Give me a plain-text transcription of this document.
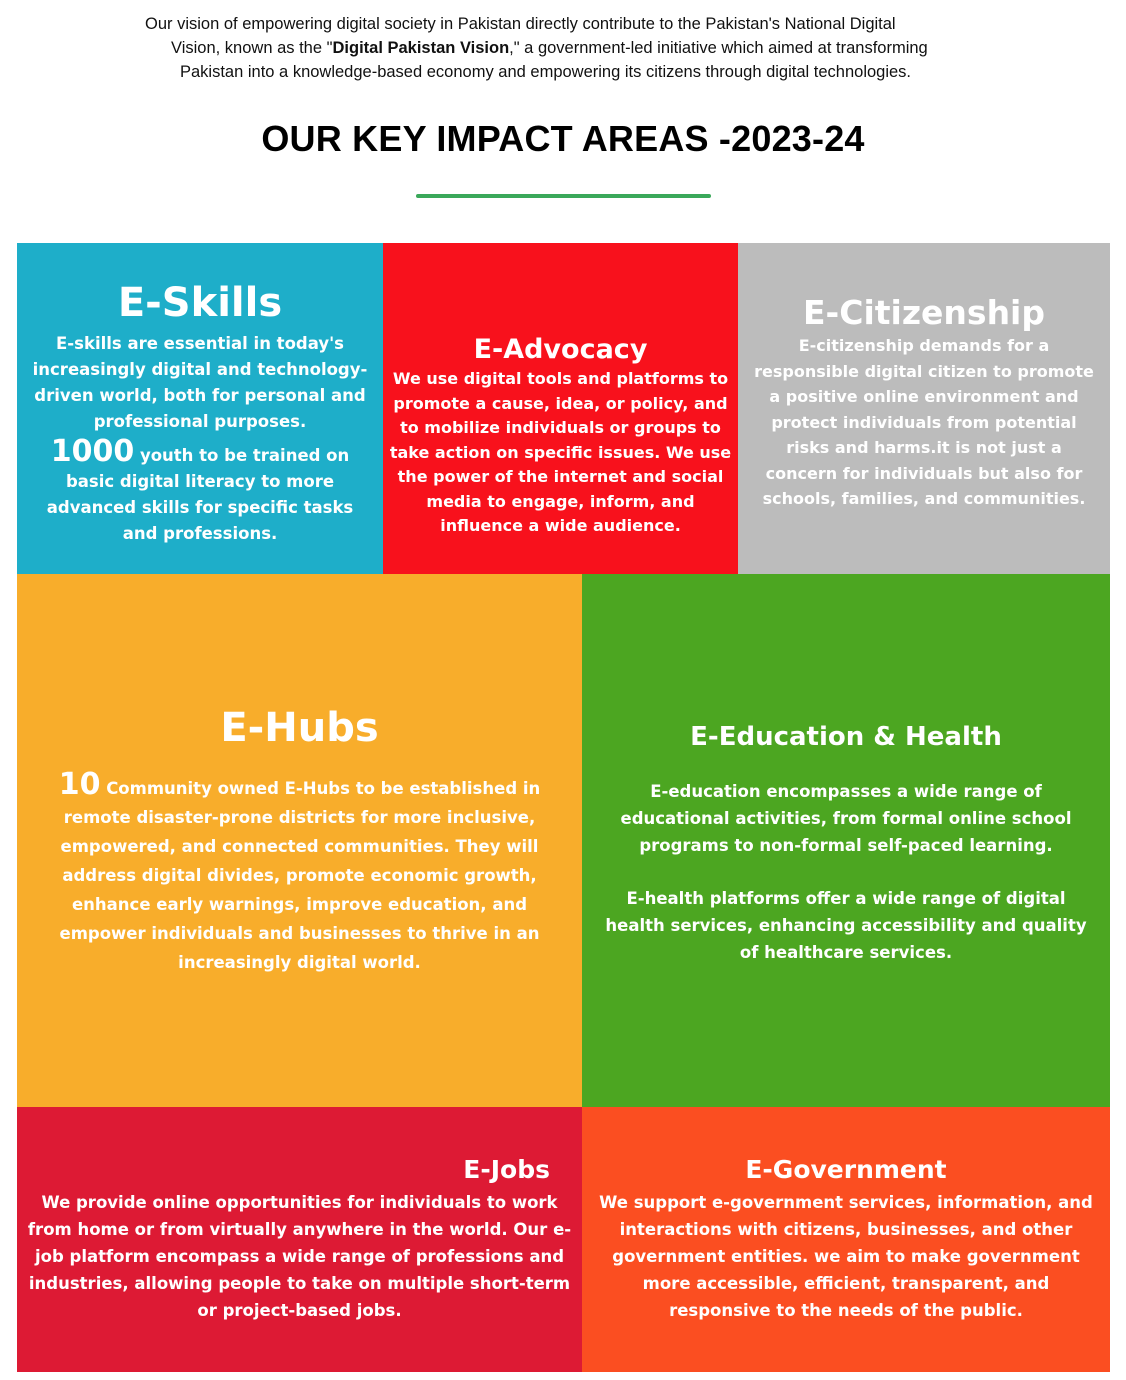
Our vision of empowering digital society in Pakistan directly contribute to the Pakistan's National Digital
Vision, known as the "Digital Pakistan Vision," a government-led initiative which aimed at transforming
Pakistan into a knowledge-based economy and empowering its citizens through digital technologies.
OUR KEY IMPACT AREAS -2023-24

E-Skills

E-skills are essential in today's increasingly digital and technology-driven world, both for personal and professional purposes.

1000 youth to be trained on basic digital literacy to more advanced skills for specific tasks and professions.

E-Advocacy

We use digital tools and platforms to promote a cause, idea, or policy, and to mobilize individuals or groups to take action on specific issues. We use the power of the internet and social media to engage, inform, and influence a wide audience.

E-Citizenship

E-citizenship demands for a responsible digital citizen to promote a positive online environment and protect individuals from potential risks and harms.it is not just a concern for individuals but also for schools, families, and communities.

E-Hubs

10 Community owned E-Hubs to be established in remote disaster-prone districts for more inclusive, empowered, and connected communities. They will address digital divides, promote economic growth, enhance early warnings, improve education, and empower individuals and businesses to thrive in an increasingly digital world.

E-Education & Health

E-education encompasses a wide range of educational activities, from formal online school programs to non-formal self-paced learning.

E-health platforms offer a wide range of digital health services, enhancing accessibility and quality of healthcare services.

E-Jobs

We provide online opportunities for individuals to work from home or from virtually anywhere in the world. Our e-job platform encompass a wide range of professions and industries, allowing people to take on multiple short-term or project-based jobs.

E-Government

We support e-government services, information, and interactions with citizens, businesses, and other government entities. we aim to make government more accessible, efficient, transparent, and responsive to the needs of the public.
